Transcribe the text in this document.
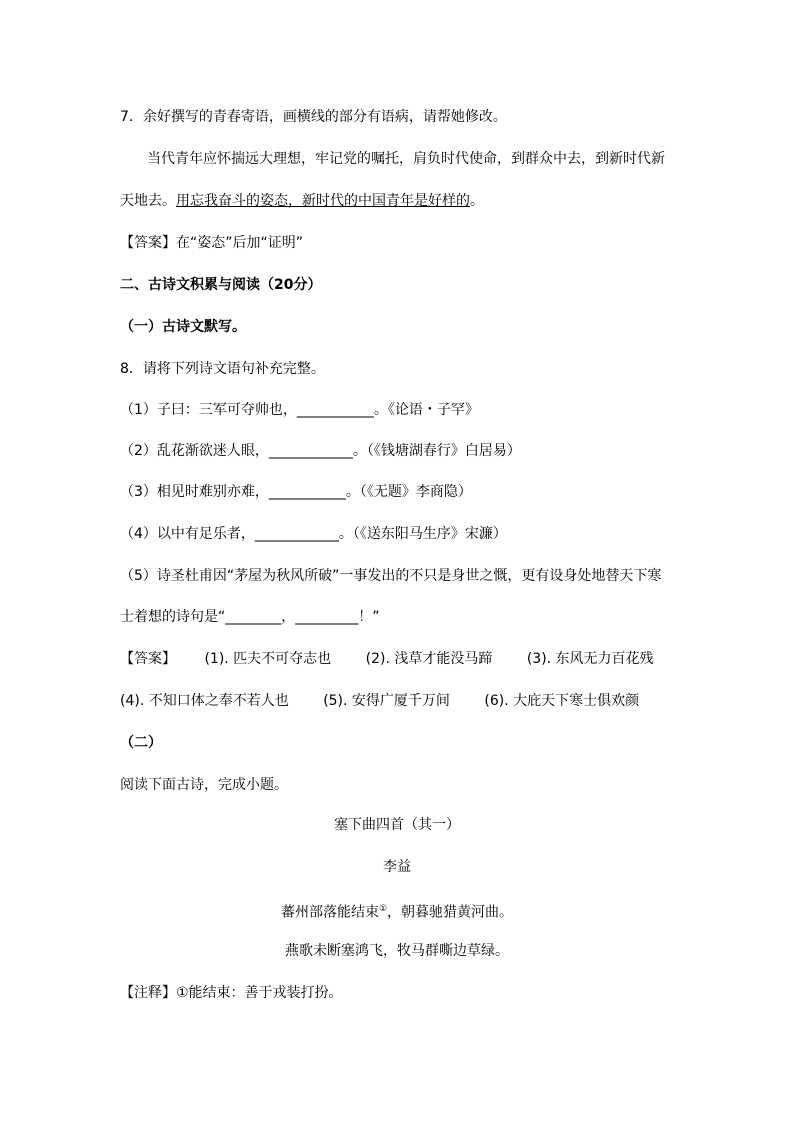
7．余好撰写的青春寄语，画横线的部分有语病，请帮她修改。
当代青年应怀揣远大理想，牢记党的嘱托，肩负时代使命，到群众中去，到新时代新
天地去。用忘我奋斗的姿态，新时代的中国青年是好样的。
【答案】在“姿态”后加“证明”
二、古诗文积累与阅读（20分）
（一）古诗文默写。
8．请将下列诗文语句补充完整。
（1）子曰：三军可夺帅也，___________。《论语・子罕》
（2）乱花渐欲迷人眼，____________。（《钱塘湖春行》白居易）
（3）相见时难别亦难，___________。（《无题》李商隐）
（4）以中有足乐者，____________。（《送东阳马生序》宋濂）
（5）诗圣杜甫因“茅屋为秋风所破”一事发出的不只是身世之慨，更有设身处地替天下寒
士着想的诗句是“________，_________！”
【答案】 (1). 匹夫不可夺志也 (2). 浅草才能没马蹄 (3). 东风无力百花残
(4). 不知口体之奉不若人也 (5). 安得广厦千万间 (6). 大庇天下寒士俱欢颜
（二）
阅读下面古诗，完成小题。
塞下曲四首（其一）
李益
蕃州部落能结束①，朝暮驰猎黄河曲。
燕歌未断塞鸿飞，牧马群嘶边草绿。
【注释】①能结束：善于戎装打扮。
